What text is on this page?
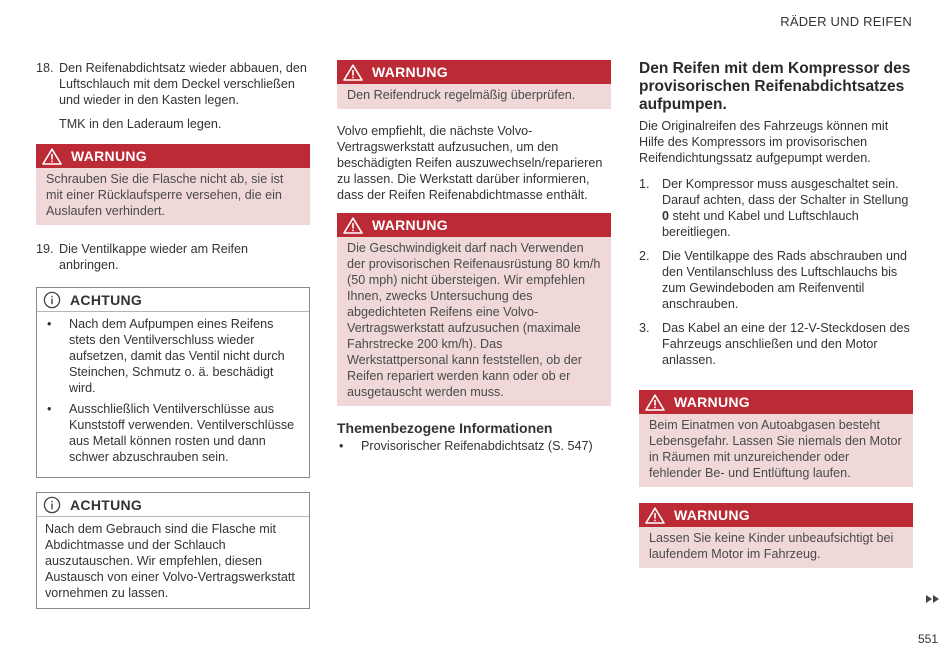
RÄDER UND REIFEN
18. Den Reifenabdichtsatz wieder abbauen, den Luftschlauch mit dem Deckel verschließen und wieder in den Kasten legen.
TMK in den Laderaum legen.
WARNUNG
Schrauben Sie die Flasche nicht ab, sie ist mit einer Rücklaufsperre versehen, die ein Auslaufen verhindert.
19. Die Ventilkappe wieder am Reifen anbringen.
ACHTUNG
•	Nach dem Aufpumpen eines Reifens stets den Ventilverschluss wieder aufsetzen, damit das Ventil nicht durch Steinchen, Schmutz o. ä. beschädigt wird.
•	Ausschließlich Ventilverschlüsse aus Kunststoff verwenden. Ventilverschlüsse aus Metall können rosten und dann schwer abzuschrauben sein.
ACHTUNG
Nach dem Gebrauch sind die Flasche mit Abdichtmasse und der Schlauch auszutauschen. Wir empfehlen, diesen Austausch von einer Volvo-Vertragswerkstatt vornehmen zu lassen.
WARNUNG
Den Reifendruck regelmäßig überprüfen.
Volvo empfiehlt, die nächste Volvo-Vertragswerkstatt aufzusuchen, um den beschädigten Reifen auszuwechseln/reparieren zu lassen. Die Werkstatt darüber informieren, dass der Reifen Reifenabdichtmasse enthält.
WARNUNG
Die Geschwindigkeit darf nach Verwenden der provisorischen Reifenausrüstung 80 km/h (50 mph) nicht übersteigen. Wir empfehlen Ihnen, zwecks Untersuchung des abgedichteten Reifens eine Volvo-Vertragswerkstatt aufzusuchen (maximale Fahrstrecke 200 km/h). Das Werkstattpersonal kann feststellen, ob der Reifen repariert werden kann oder ob er ausgetauscht werden muss.
Themenbezogene Informationen
•	Provisorischer Reifenabdichtsatz (S. 547)
Den Reifen mit dem Kompressor des provisorischen Reifenabdichtsatzes aufpumpen.
Die Originalreifen des Fahrzeugs können mit Hilfe des Kompressors im provisorischen Reifendichtungssatz aufgepumpt werden.
1. Der Kompressor muss ausgeschaltet sein. Darauf achten, dass der Schalter in Stellung 0 steht und Kabel und Luftschlauch bereitliegen.
2. Die Ventilkappe des Rads abschrauben und den Ventilanschluss des Luftschlauchs bis zum Gewindeboden am Reifenventil anschrauben.
3. Das Kabel an eine der 12-V-Steckdosen des Fahrzeugs anschließen und den Motor anlassen.
WARNUNG
Beim Einatmen von Autoabgasen besteht Lebensgefahr. Lassen Sie niemals den Motor in Räumen mit unzureichender oder fehlender Be- und Entlüftung laufen.
WARNUNG
Lassen Sie keine Kinder unbeaufsichtigt bei laufendem Motor im Fahrzeug.
551
